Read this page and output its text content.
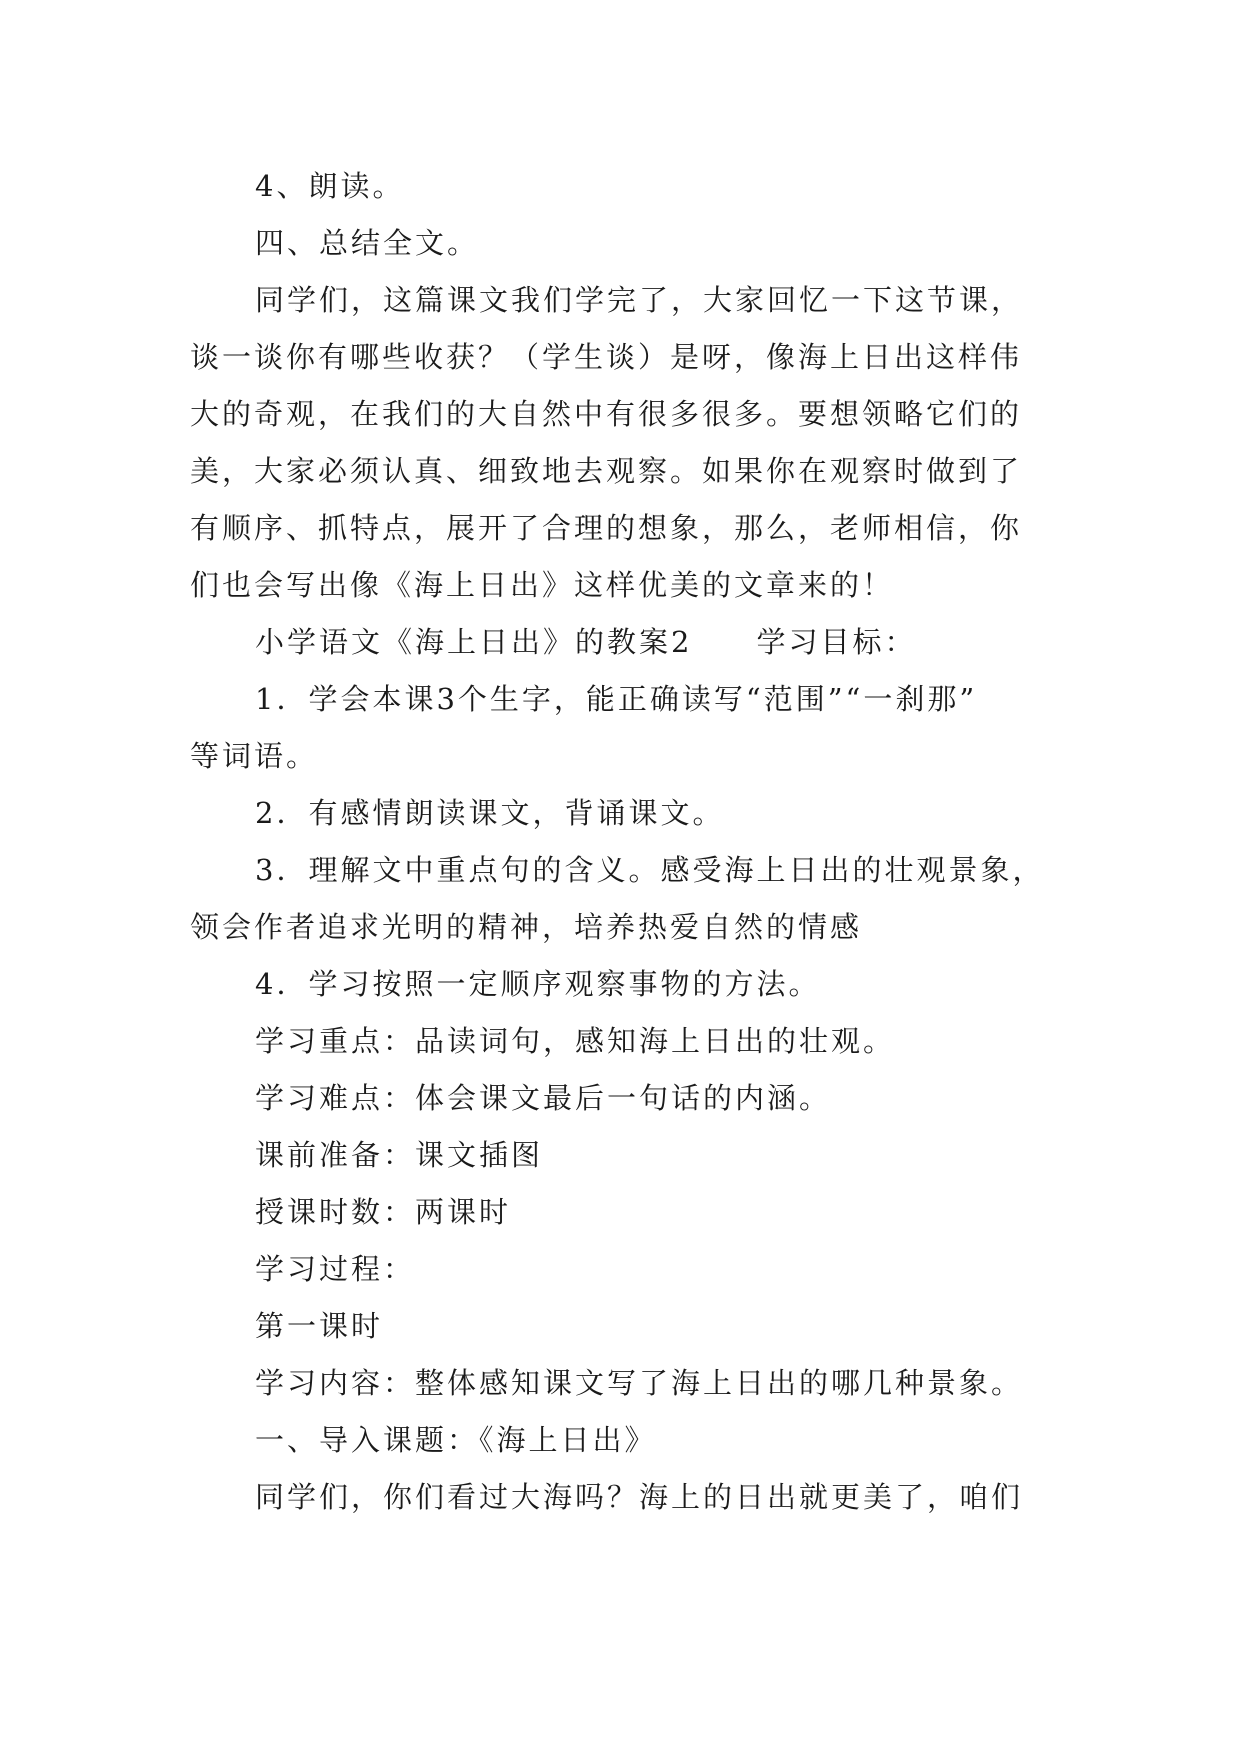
4、朗读。
四、总结全文。
同学们，这篇课文我们学完了，大家回忆一下这节课，
谈一谈你有哪些收获？（学生谈）是呀，像海上日出这样伟
大的奇观，在我们的大自然中有很多很多。要想领略它们的
美，大家必须认真、细致地去观察。如果你在观察时做到了
有顺序、抓特点，展开了合理的想象，那么，老师相信，你
们也会写出像《海上日出》这样优美的文章来的！
小学语文《海上日出》的教案2　　学习目标：
1．学会本课3个生字，能正确读写“范围”“一刹那”
等词语。
2．有感情朗读课文，背诵课文。
3．理解文中重点句的含义。感受海上日出的壮观景象，
领会作者追求光明的精神，培养热爱自然的情感
4．学习按照一定顺序观察事物的方法。
学习重点：品读词句，感知海上日出的壮观。
学习难点：体会课文最后一句话的内涵。
课前准备：课文插图
授课时数：两课时
学习过程：
第一课时
学习内容：整体感知课文写了海上日出的哪几种景象。
一、导入课题：《海上日出》
同学们，你们看过大海吗？海上的日出就更美了，咱们
